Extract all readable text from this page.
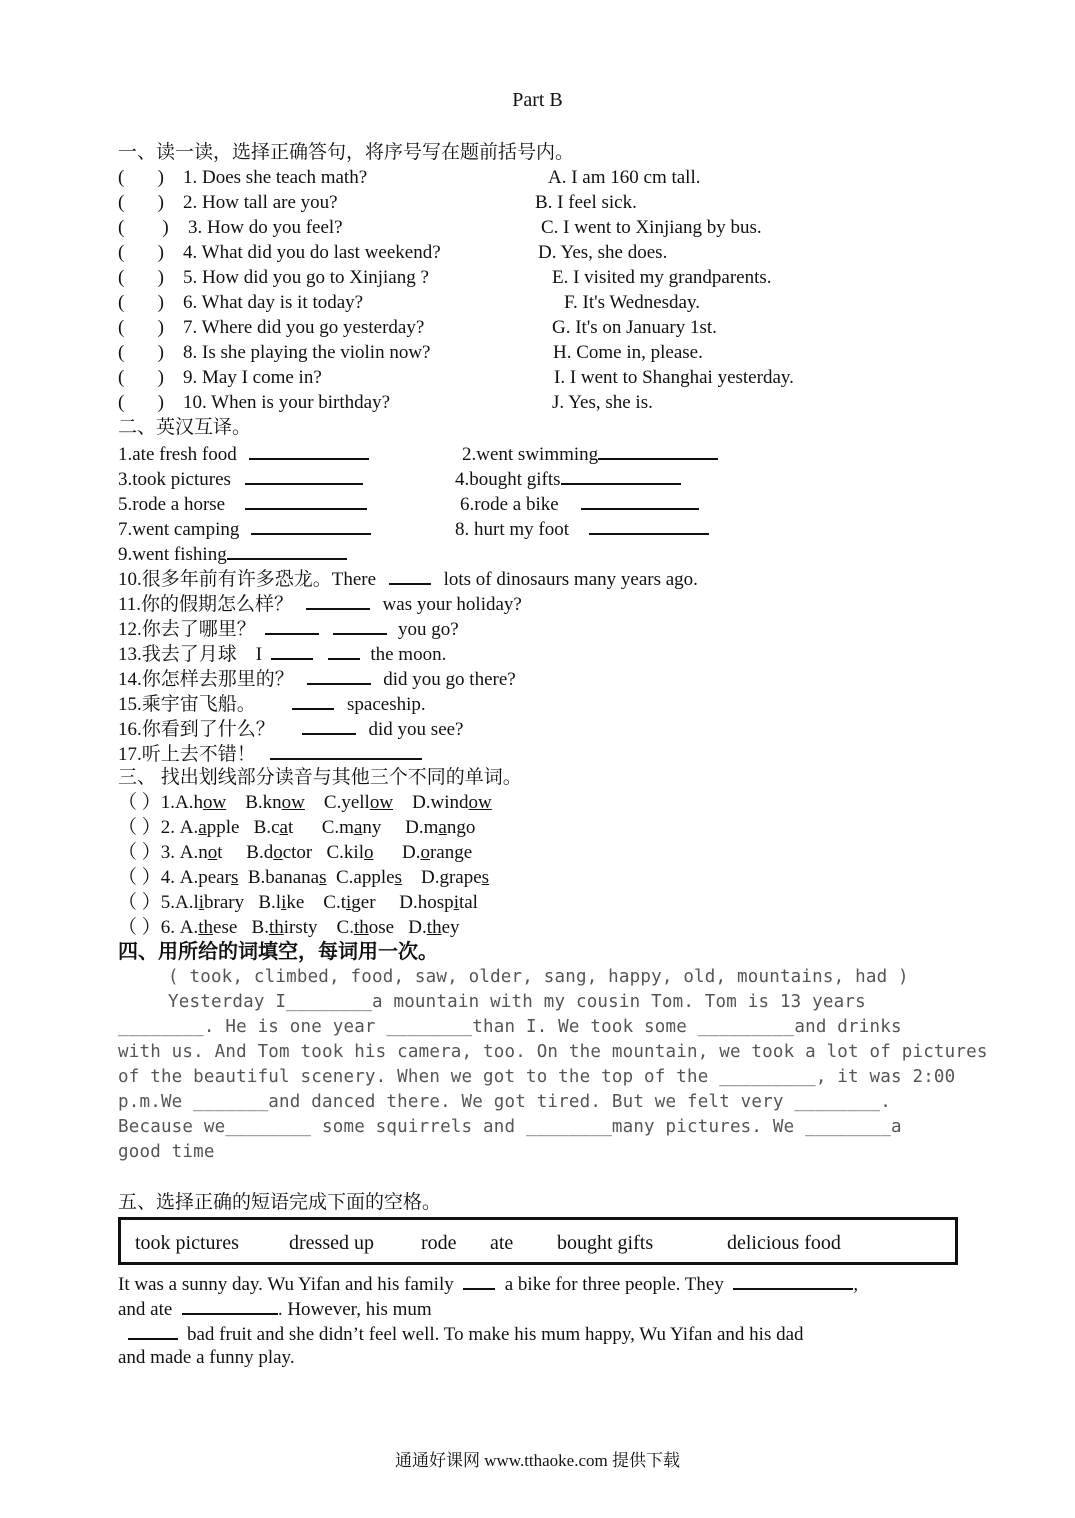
Part B
一、读一读，选择正确答句，将序号写在题前括号内。
(       ) 1. Does she teach math?	A. I am 160 cm tall.
(       ) 2. How tall are you?	B. I feel sick.
(        ) 3. How do you feel?	C. I went to Xinjiang by bus.
(       ) 4. What did you do last weekend?	D. Yes, she does.
(       ) 5. How did you go to Xinjiang ?	E. I visited my grandparents.
(       ) 6. What day is it today?	F. It's Wednesday.
(       ) 7. Where did you go yesterday?	G. It's on January 1st.
(       ) 8. Is she playing the violin now?	H. Come in, please.
(       ) 9. May I come in?	I. I went to Shanghai yesterday.
(       ) 10. When is your birthday?	J. Yes, she is.
二、英汉互译。
1.ate fresh food	2.went swimming
3.took pictures	4.bought gifts
5.rode a horse	6.rode a bike
7.went camping	8. hurt my foot
9.went fishing
10.很多年前有许多恐龙。There	lots of dinosaurs many years ago.
11.你的假期怎么样？	was your holiday?
12.你去了哪里？	you go?
13.我去了月球 I	the moon.
14.你怎样去那里的？	did you go there?
15.乘宇宙飞船。	spaceship.
16.你看到了什么？	did you see?
17.听上去不错！
三、 找出划线部分读音与其他三个不同的单词。
（ ）1.A.how    B.know    C.yellow    D.window
（ ）2. A.apple   B.cat      C.many     D.mango
（ ）3. A.not     B.doctor   C.kilo      D.orange
（ ）4. A.pears  B.bananas  C.apples    D.grapes
（ ）5.A.library   B.like    C.tiger     D.hospital
（ ）6. A.these   B.thirsty    C.those   D.they
四、用所给的词填空，每词用一次。
( took, climbed, food, saw, older, sang, happy, old, mountains, had )
Yesterday I________a mountain with my cousin Tom. Tom is 13 years
________. He is one year ________than I. We took some _________and drinks
with us. And Tom took his camera, too. On the mountain, we took a lot of pictures
of the beautiful scenery. When we got to the top of the _________, it was 2:00
p.m.We _______and danced there. We got tired. But we felt very ________.
Because we________ some squirrels and ________many pictures. We ________a
good time
五、选择正确的短语完成下面的空格。
took pictures	dressed up rode ate bought gifts	delicious food
It was a sunny day. Wu Yifan and his family	a bike for three people. They	,
and ate	. However, his mum
bad fruit and she didn’t feel well. To make his mum happy, Wu Yifan and his dad
and made a funny play.
通通好课网 www.tthaoke.com 提供下载
